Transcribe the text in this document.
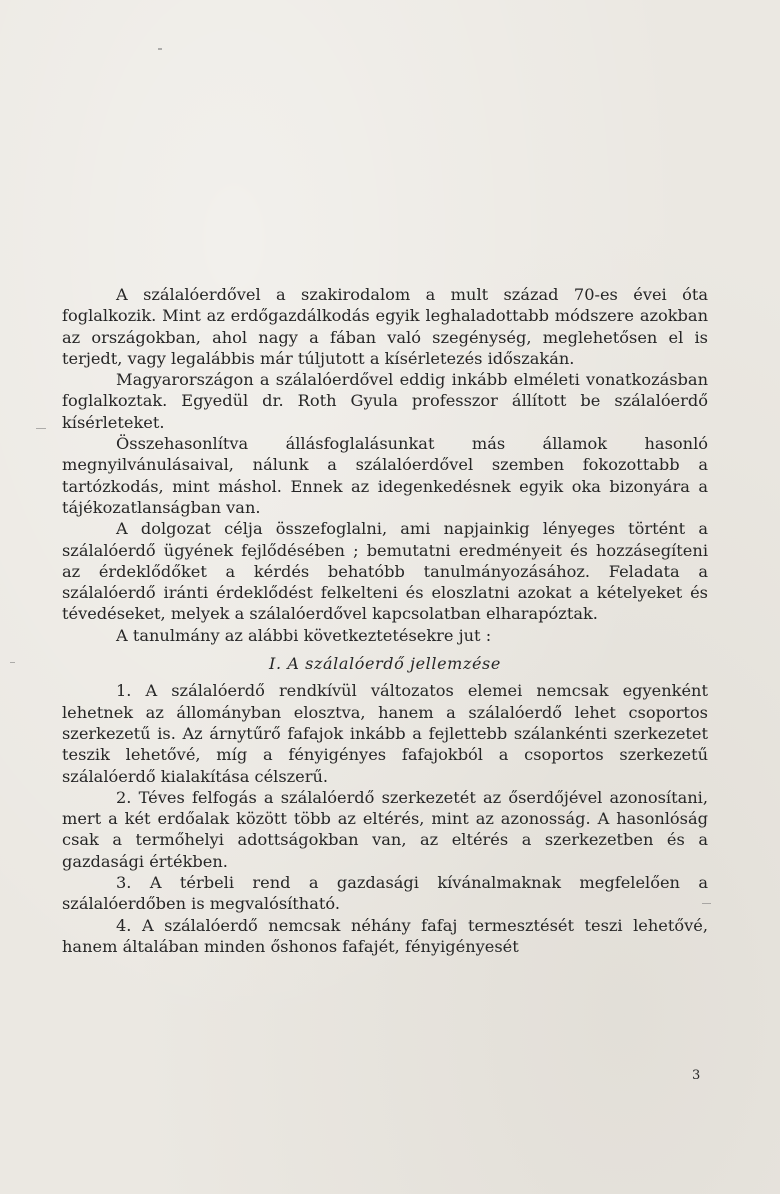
A szálalóerdővel a szakirodalom a mult század 70-es évei óta foglalkozik. Mint az erdőgazdálkodás egyik leghaladottabb módszere azokban az országokban, ahol nagy a fában való szegénység, meglehetősen el is terjedt, vagy legalábbis már túljutott a kísérletezés időszakán.

Magyarországon a szálalóerdővel eddig inkább elméleti vonatkozásban foglalkoztak. Egyedül dr. Roth Gyula professzor állított be szálalóerdő kísérleteket.

Összehasonlítva állásfoglalásunkat más államok hasonló megnyilvánulásaival, nálunk a szálalóerdővel szemben fokozottabb a tartózkodás, mint máshol. Ennek az idegenkedésnek egyik oka bizonyára a tájékozatlanságban van.

A dolgozat célja összefoglalni, ami napjainkig lényeges történt a szálalóerdő ügyének fejlődésében ; bemutatni eredményeit és hozzásegíteni az érdeklődőket a kérdés behatóbb tanulmányozásához. Feladata a szálalóerdő iránti érdeklődést felkelteni és eloszlatni azokat a kételyeket és tévedéseket, melyek a szálalóerdővel kapcsolatban elharapóztak.

A tanulmány az alábbi következtetésekre jut :

I. A szálalóerdő jellemzése

1. A szálalóerdő rendkívül változatos elemei nemcsak egyenként lehetnek az állományban elosztva, hanem a szálalóerdő lehet csoportos szerkezetű is. Az árnytűrő fafajok inkább a fejlettebb szálankénti szerkezetet teszik lehetővé, míg a fényigényes fafajokból a csoportos szerkezetű szálalóerdő kialakítása célszerű.

2. Téves felfogás a szálalóerdő szerkezetét az őserdőjével azonosítani, mert a két erdőalak között több az eltérés, mint az azonosság. A hasonlóság csak a termőhelyi adottságokban van, az eltérés a szerkezetben és a gazdasági értékben.

3. A térbeli rend a gazdasági kívánalmaknak megfelelően a szálalóerdőben is megvalósítható.

4. A szálalóerdő nemcsak néhány fafaj termesztését teszi lehetővé, hanem általában minden őshonos fafajét, fényigényesét

3
